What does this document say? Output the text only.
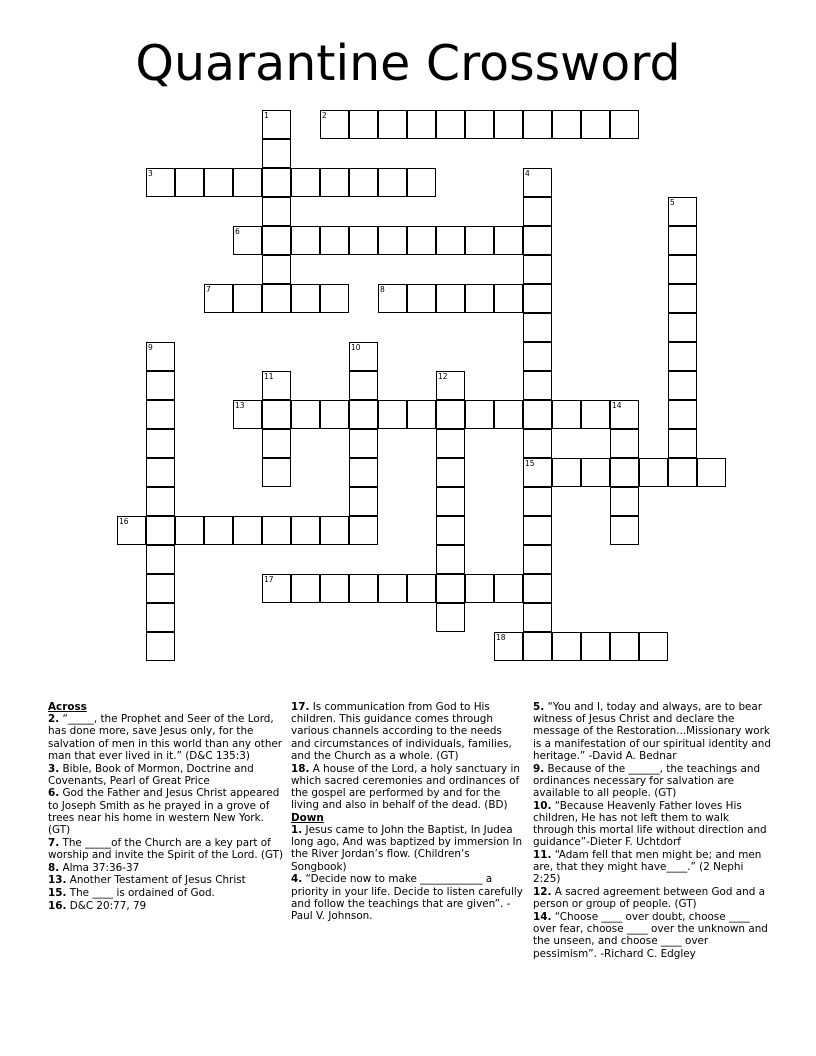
Quarantine Crossword
2
3
6
7	8
13
15
16
17
18
1
4
5
9	10
11	12
14
Across
2. “_____, the Prophet and Seer of the Lord, has done more, save Jesus only, for the salvation of men in this world than any other man that ever lived in it.” (D&C 135:3)
3. Bible, Book of Mormon, Doctrine and Covenants, Pearl of Great Price
6. God the Father and Jesus Christ appeared to Joseph Smith as he prayed in a grove of trees near his home in western New York. (GT)
7. The _____of the Church are a key part of worship and invite the Spirit of the Lord. (GT)
8. Alma 37:36-37
13. Another Testament of Jesus Christ
15. The ____ is ordained of God.
16. D&C 20:77, 79
17. Is communication from God to His children. This guidance comes through various channels according to the needs and circumstances of individuals, families, and the Church as a whole. (GT)
18. A house of the Lord, a holy sanctuary in which sacred ceremonies and ordinances of the gospel are performed by and for the living and also in behalf of the dead. (BD)
Down
1. Jesus came to John the Baptist, In Judea long ago, And was baptized by immersion In the River Jordan’s flow. (Children’s Songbook)
4. “Decide now to make ____________ a priority in your life. Decide to listen carefully and follow the teachings that are given”. -Paul V. Johnson.
5. “You and I, today and always, are to bear witness of Jesus Christ and declare the message of the Restoration...Missionary work is a manifestation of our spiritual identity and heritage.” -David A. Bednar
9. Because of the ______, the teachings and ordinances necessary for salvation are available to all people. (GT)
10. “Because Heavenly Father loves His children, He has not left them to walk through this mortal life without direction and guidance”-Dieter F. Uchtdorf
11. “Adam fell that men might be; and men are, that they might have____.” (2 Nephi 2:25)
12. A sacred agreement between God and a person or group of people. (GT)
14. “Choose ____ over doubt, choose ____ over fear, choose ____ over the unknown and the unseen, and choose ____ over pessimism”. -Richard C. Edgley
